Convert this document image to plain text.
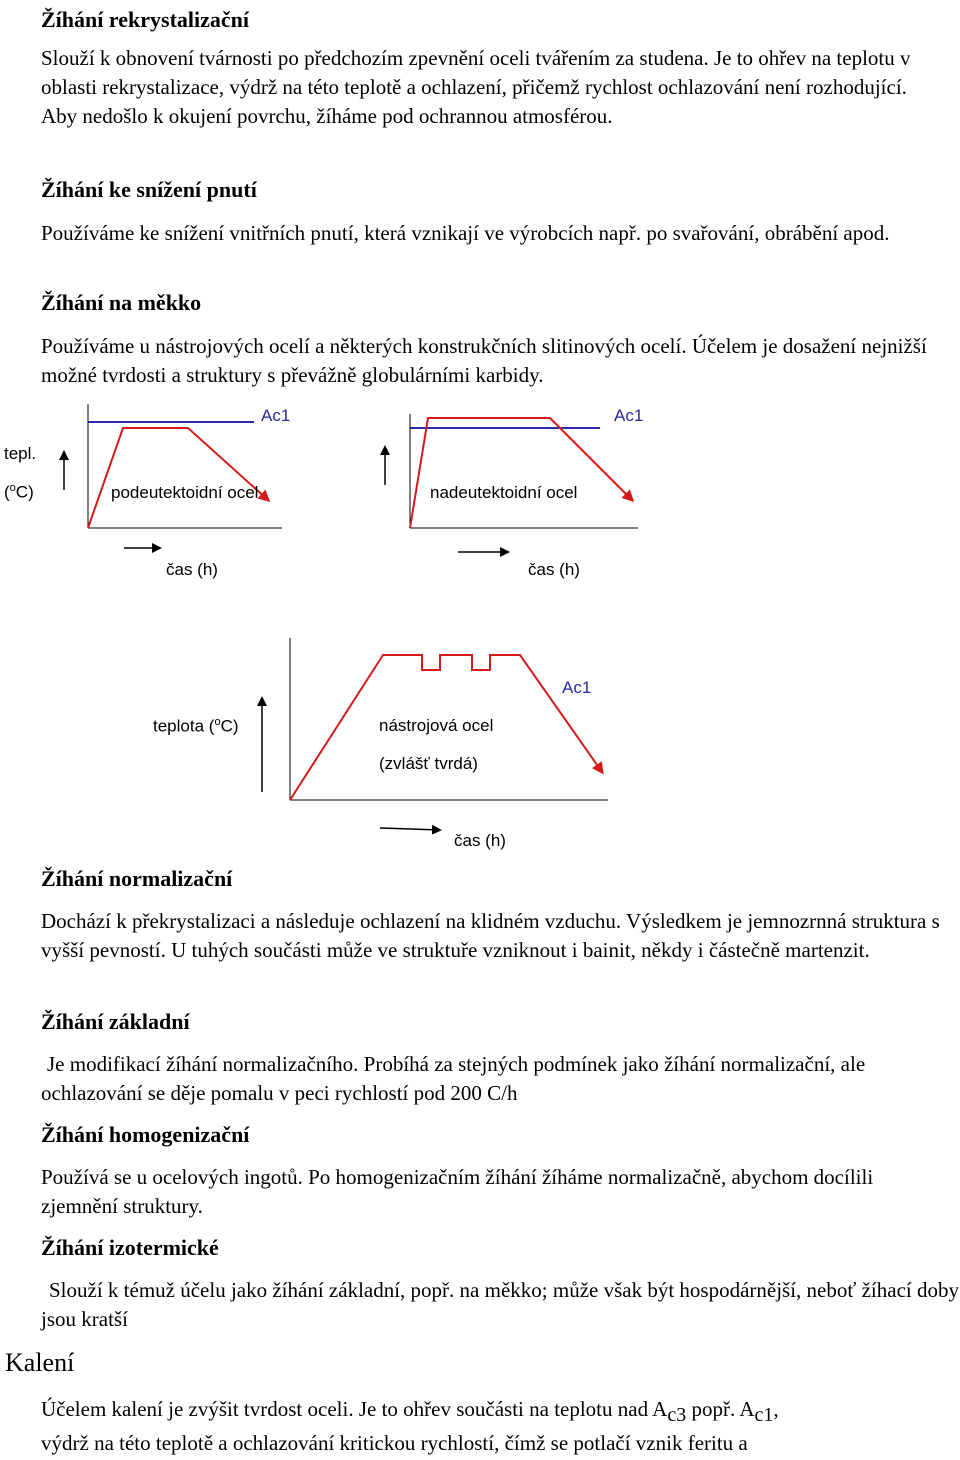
Žíhání rekrystalizační

Slouží k obnovení tvárnosti po předchozím zpevnění oceli tvářením za studena. Je to ohřev na teplotu v oblasti rekrystalizace, výdrž na této teplotě a ochlazení, přičemž rychlost ochlazování není rozhodující. Aby nedošlo k okujení povrchu, žíháme pod ochrannou atmosférou.

Žíhání ke snížení pnutí

Používáme ke snížení vnitřních pnutí, která vznikají ve výrobcích např. po svařování, obrábění apod.

Žíhání na měkko

Používáme u nástrojových ocelí a některých konstrukčních slitinových ocelí. Účelem je dosažení nejnižší možné tvrdosti a struktury s převážně globulárními karbidy.

Ac1
tepl.
($^o$C)	podeutektoidní ocel
čas (h)
Ac1
nadeutektoidní ocel
čas (h)
Ac1
teplota ($^o$C)	nástrojová ocel
(zvlášť tvrdá)
čas (h)
Žíhání normalizační

Dochází k překrystalizaci a následuje ochlazení na klidném vzduchu. Výsledkem je jemnozrnná struktura s vyšší pevností. U tuhých součásti může ve struktuře vzniknout i bainit, někdy i částečně martenzit.

Žíhání základní

Je modifikací žíhání normalizačního. Probíhá za stejných podmínek jako žíhání normalizační, ale ochlazování se děje pomalu v peci rychlostí pod 200 C/h

Žíhání homogenizační

Používá se u ocelových ingotů. Po homogenizačním žíhání žíháme normalizačně, abychom docílili zjemnění struktury.

Žíhání izotermické

Slouží k témuž účelu jako žíhání základní, popř. na měkko; může však být hospodárnější, neboť žíhací doby jsou kratší

Kalení

Účelem kalení je zvýšit tvrdost oceli. Je to ohřev součásti na teplotu nad $A_{c3}$ popř. $A_{c1}$,

výdrž na této teplotě a ochlazování kritickou rychlostí, čímž se potlačí vznik feritu a
